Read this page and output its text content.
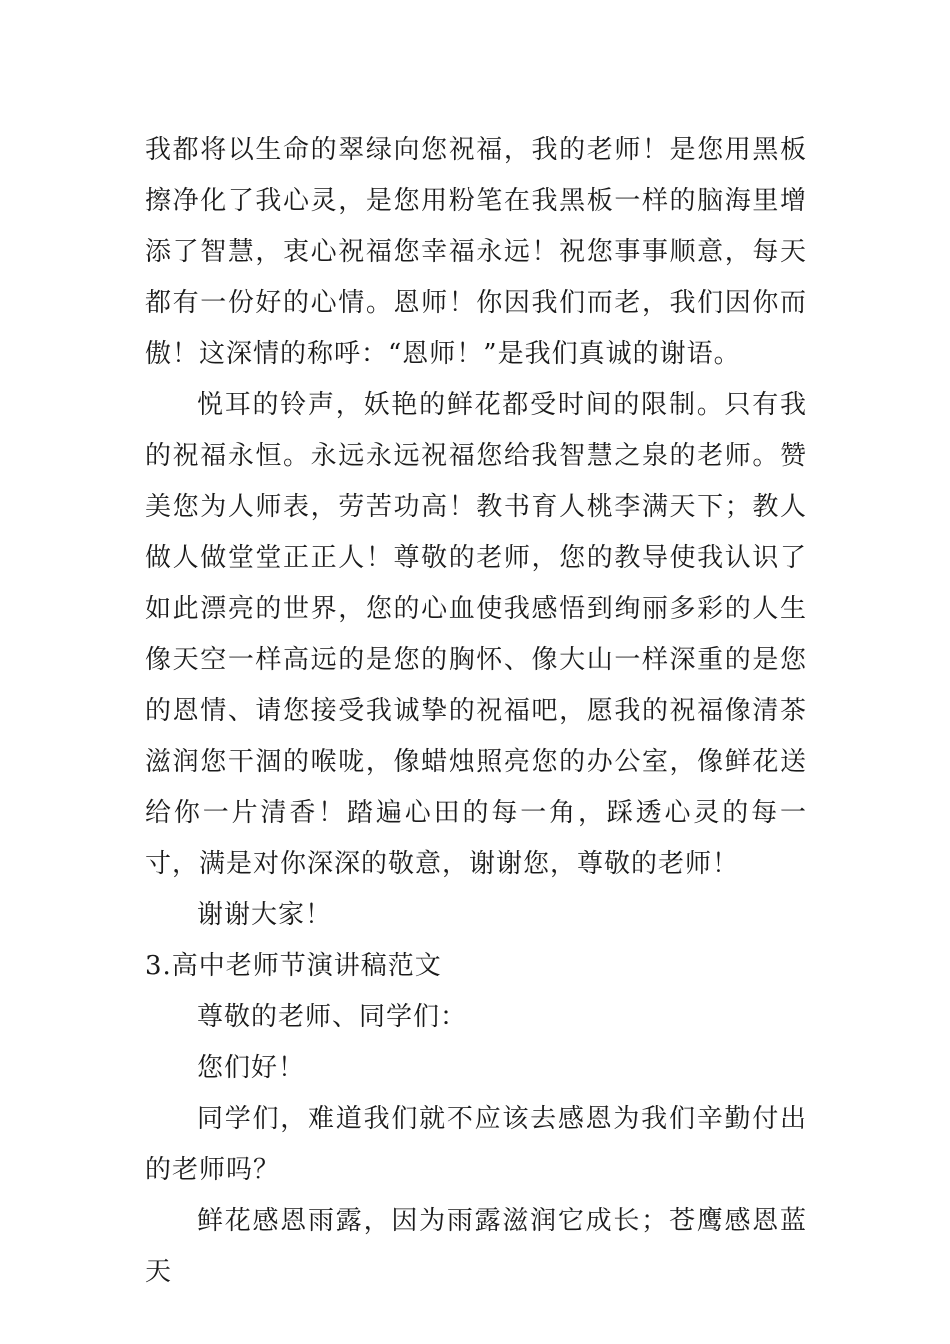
我都将以生命的翠绿向您祝福，我的老师！是您用黑板擦净化了我心灵，是您用粉笔在我黑板一样的脑海里增添了智慧，衷心祝福您幸福永远！祝您事事顺意，每天都有一份好的心情。恩师！你因我们而老，我们因你而傲！这深情的称呼：“恩师！”是我们真诚的谢语。

悦耳的铃声，妖艳的鲜花都受时间的限制。只有我的祝福永恒。永远永远祝福您给我智慧之泉的老师。赞美您为人师表，劳苦功高！教书育人桃李满天下；教人做人做堂堂正正人！尊敬的老师，您的教导使我认识了如此漂亮的世界，您的心血使我感悟到绚丽多彩的人生像天空一样高远的是您的胸怀、像大山一样深重的是您的恩情、请您接受我诚挚的祝福吧，愿我的祝福像清茶滋润您干涸的喉咙，像蜡烛照亮您的办公室，像鲜花送给你一片清香！踏遍心田的每一角，踩透心灵的每一寸，满是对你深深的敬意，谢谢您，尊敬的老师！

谢谢大家！

3.高中老师节演讲稿范文

尊敬的老师、同学们：

您们好！

同学们，难道我们就不应该去感恩为我们辛勤付出的老师吗？

鲜花感恩雨露，因为雨露滋润它成长；苍鹰感恩蓝天
